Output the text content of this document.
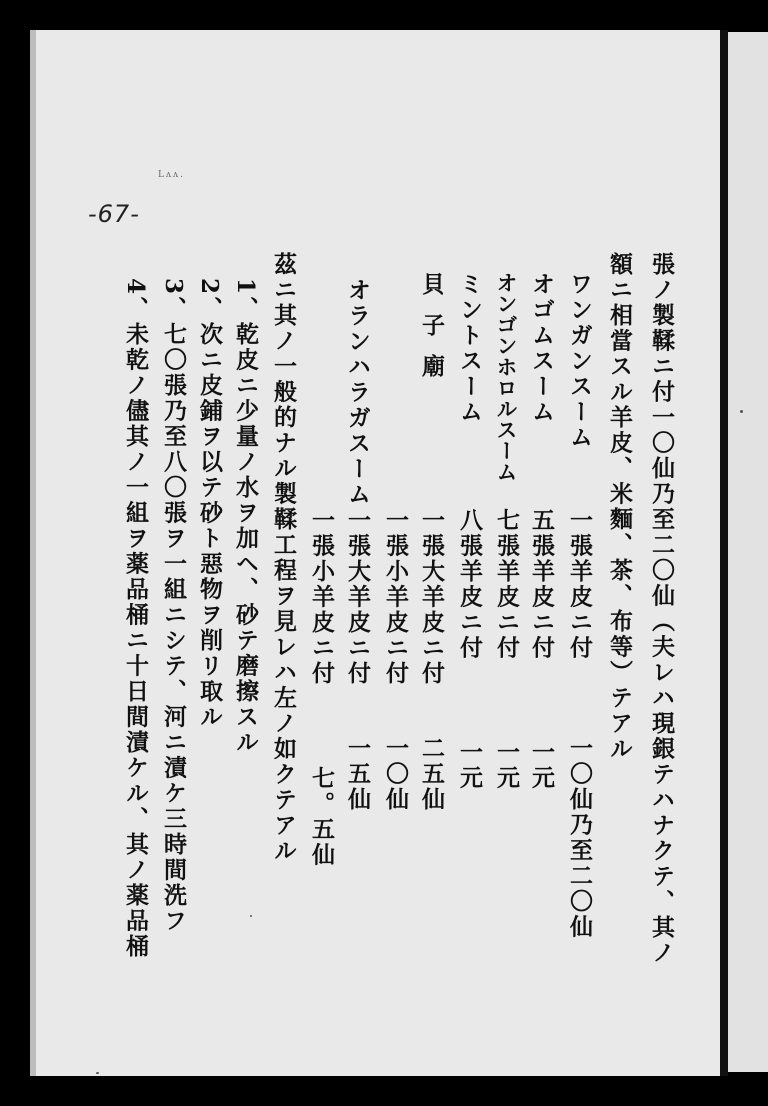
-67-
Lᴧᴧ.
張ノ製鞣ニ付一〇仙乃至二〇仙（夫レハ現銀テハナクテ、其ノ
額ニ相當スル羊皮、米麵、茶、布等）テアル
ワンガンスーム
一張羊皮ニ付
一〇仙乃至二〇仙
オゴムスーム
五張羊皮ニ付
一元
オンゴンホロルスーム
七張羊皮ニ付
一元
ミントスーム
八張羊皮ニ付
一元
貝子廟
一張大羊皮ニ付
二五仙
一張小羊皮ニ付
一〇仙
オランハラガスーム
一張大羊皮ニ付
一五仙
一張小羊皮ニ付
七。五仙
茲ニ其ノ一般的ナル製鞣工程ヲ見レハ左ノ如クテアル
1、乾皮ニ少量ノ水ヲ加ヘ、砂テ磨擦スル
2、次ニ皮鋪ヲ以テ砂ト惡物ヲ削リ取ル
3、七〇張乃至八〇張ヲ一組ニシテ、河ニ漬ケ三時間洗フ
4、未乾ノ儘其ノ一組ヲ薬品桶ニ十日間漬ケル、其ノ薬品桶
